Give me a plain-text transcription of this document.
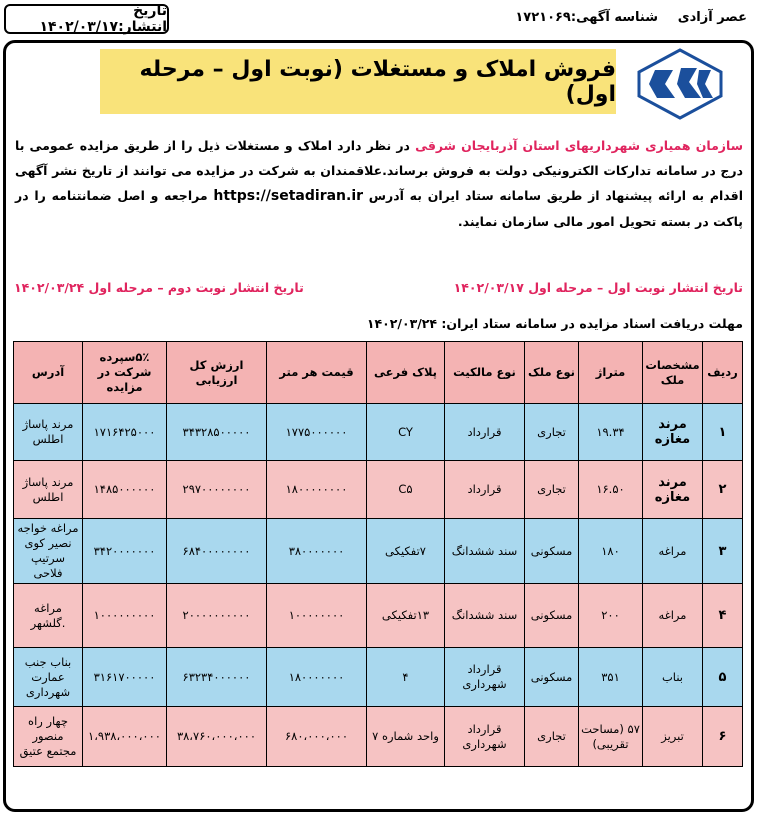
تاریخ انتشار:۱۴۰۲/۰۳/۱۷
شناسه آگهی:۱۷۲۱۰۶۹ عصر آزادی
فروش املاک و مستغلات (نوبت اول – مرحله اول)
سازمان همیاری شهرداریهای استان آذربایجان شرقی در نظر دارد املاک و مستغلات ذیل را از طریق مزایده عمومی با درج در سامانه تدارکات الکترونیکی دولت به فروش برساند.علاقمندان به شرکت در مزایده می توانند از تاریخ نشر آگهی اقدام به ارائه پیشنهاد از طریق سامانه ستاد ایران به آدرس https://setadiran.ir مراجعه و اصل ضمانتنامه را در پاکت در بسته تحویل امور مالی سازمان نمایند.
تاریخ انتشار نوبت اول – مرحله اول ۱۴۰۲/۰۳/۱۷
تاریخ انتشار نوبت دوم – مرحله اول ۱۴۰۲/۰۳/۲۴
مهلت دریافت اسناد مزایده در سامانه ستاد ایران: ۱۴۰۲/۰۳/۲۴
ردیف	مشخصات ملک	متراژ	نوع ملک	نوع مالکیت	پلاک فرعی	قیمت هر متر	ارزش کل ارزیابی	۵٪سپرده شرکت در مزایده	آدرس
۱	مرند مغازه	۱۹.۳۴	تجاری	قرارداد	CY	۱۷۷۵۰۰۰۰۰۰	۳۴۳۲۸۵۰۰۰۰۰	۱۷۱۶۴۲۵۰۰۰	مرند پاساژ اطلس
۲	مرند مغازه	۱۶.۵۰	تجاری	قرارداد	C۵	۱۸۰۰۰۰۰۰۰۰	۲۹۷۰۰۰۰۰۰۰۰	۱۴۸۵۰۰۰۰۰۰	مرند پاساژ اطلس
۳	مراغه	۱۸۰	مسکونی	سند ششدانگ	۷تفکیکی	۳۸۰۰۰۰۰۰۰	۶۸۴۰۰۰۰۰۰۰۰	۳۴۲۰۰۰۰۰۰۰	مراغه خواجه نصیر کوی سرتیپ فلاحی
۴	مراغه	۲۰۰	مسکونی	سند ششدانگ	۱۳تفکیکی	۱۰۰۰۰۰۰۰۰	۲۰۰۰۰۰۰۰۰۰۰	۱۰۰۰۰۰۰۰۰۰	مراغه .گلشهر
۵	بناب	۳۵۱	مسکونی	قرارداد شهرداری	۴	۱۸۰۰۰۰۰۰۰	۶۳۲۳۴۰۰۰۰۰۰	۳۱۶۱۷۰۰۰۰۰	بناب جنب عمارت شهرداری
۶	تبریز	۵۷ (مساحت تقریبی)	تجاری	قرارداد شهرداری	واحد شماره ۷	۶۸۰،۰۰۰،۰۰۰	۳۸،۷۶۰،۰۰۰،۰۰۰	۱،۹۳۸،۰۰۰،۰۰۰	چهار راه منصور مجتمع عتیق
